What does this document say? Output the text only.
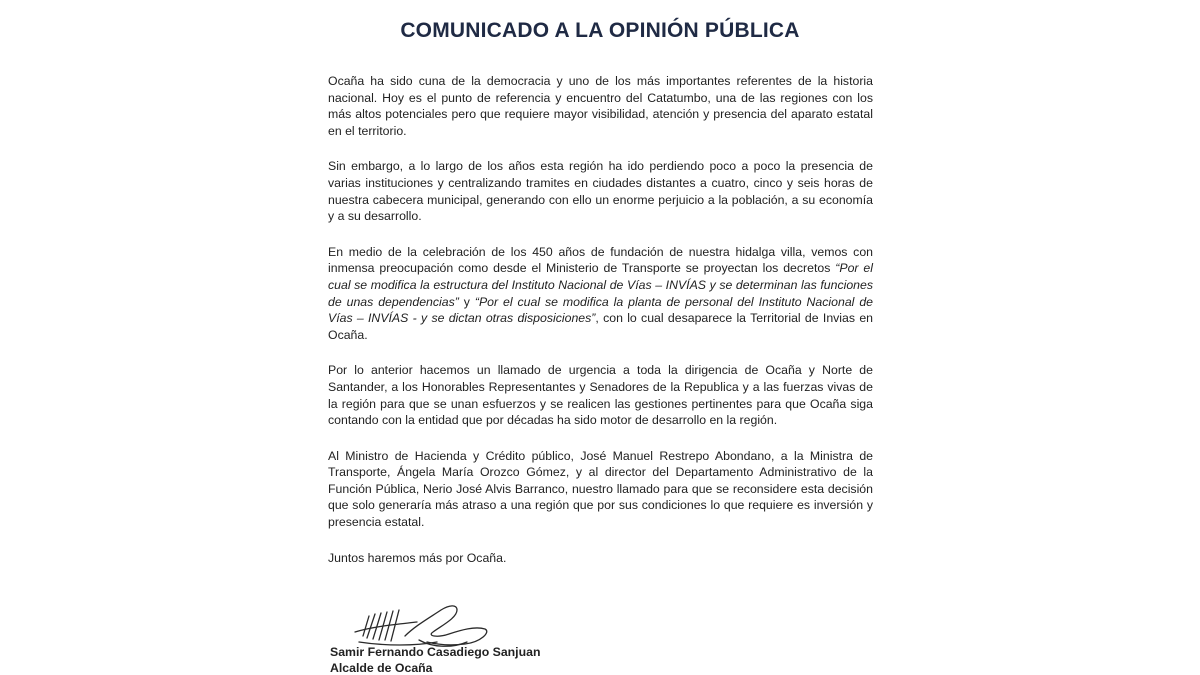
COMUNICADO A LA OPINIÓN PÚBLICA

Ocaña ha sido cuna de la democracia y uno de los más importantes referentes de la historia nacional. Hoy es el punto de referencia y encuentro del Catatumbo, una de las regiones con los más altos potenciales pero que requiere mayor visibilidad, atención y presencia del aparato estatal en el territorio.

Sin embargo, a lo largo de los años esta región ha ido perdiendo poco a poco la presencia de varias instituciones y centralizando tramites en ciudades distantes a cuatro, cinco y seis horas de nuestra cabecera municipal, generando con ello un enorme perjuicio a la población, a su economía y a su desarrollo.

En medio de la celebración de los 450 años de fundación de nuestra hidalga villa, vemos con inmensa preocupación como desde el Ministerio de Transporte se proyectan los decretos “Por el cual se modifica la estructura del Instituto Nacional de Vías – INVÍAS y se determinan las funciones de unas dependencias” y “Por el cual se modifica la planta de personal del Instituto Nacional de Vías – INVÍAS - y se dictan otras disposiciones”, con lo cual desaparece la Territorial de Invias en Ocaña.

Por lo anterior hacemos un llamado de urgencia a toda la dirigencia de Ocaña y Norte de Santander, a los Honorables Representantes y Senadores de la Republica y a las fuerzas vivas de la región para que se unan esfuerzos y se realicen las gestiones pertinentes para que Ocaña siga contando con la entidad que por décadas ha sido motor de desarrollo en la región.

Al Ministro de Hacienda y Crédito público, José Manuel Restrepo Abondano, a la Ministra de Transporte, Ángela María Orozco Gómez, y al director del Departamento Administrativo de la Función Pública, Nerio José Alvis Barranco, nuestro llamado para que se reconsidere esta decisión que solo generaría más atraso a una región que por sus condiciones lo que requiere es inversión y presencia estatal.

Juntos haremos más por Ocaña.

Samir Fernando Casadiego Sanjuan
Alcalde de Ocaña
